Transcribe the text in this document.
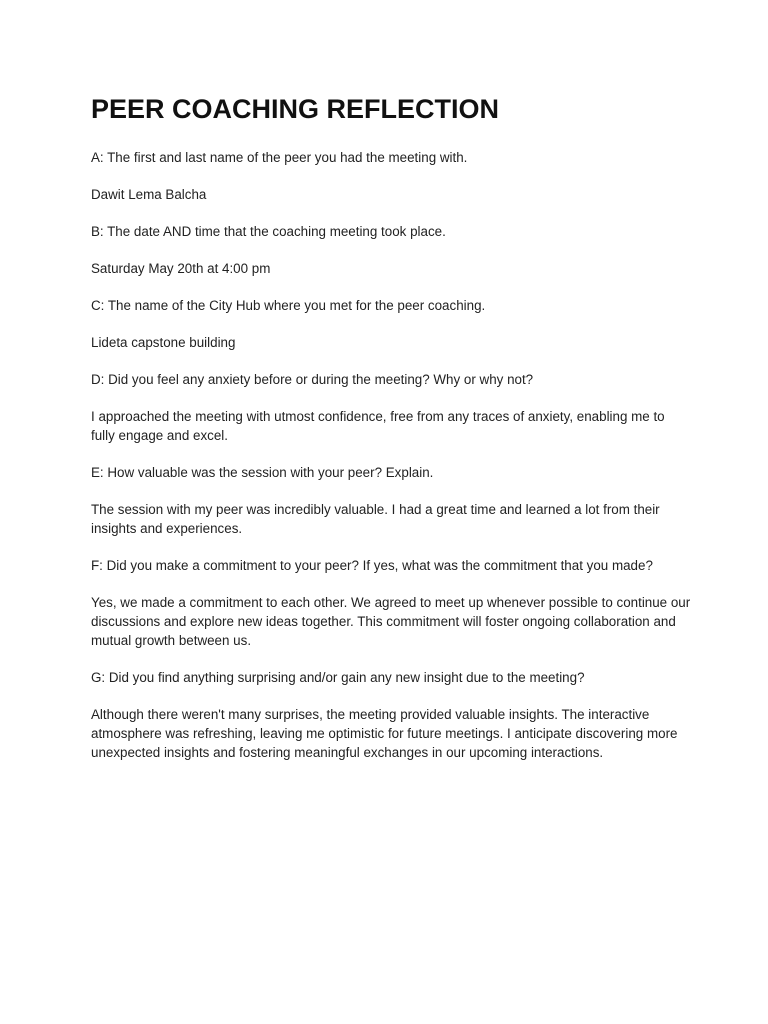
PEER COACHING REFLECTION

A: The first and last name of the peer you had the meeting with.

Dawit Lema Balcha

B: The date AND time that the coaching meeting took place.

Saturday May 20th at 4:00 pm

C: The name of the City Hub where you met for the peer coaching.

Lideta capstone building

D: Did you feel any anxiety before or during the meeting? Why or why not?

I approached the meeting with utmost confidence, free from any traces of anxiety, enabling me to fully engage and excel.

E: How valuable was the session with your peer? Explain.

The session with my peer was incredibly valuable. I had a great time and learned a lot from their insights and experiences.

F: Did you make a commitment to your peer? If yes, what was the commitment that you made?

Yes, we made a commitment to each other. We agreed to meet up whenever possible to continue our discussions and explore new ideas together. This commitment will foster ongoing collaboration and mutual growth between us.

G: Did you find anything surprising and/or gain any new insight due to the meeting?

Although there weren't many surprises, the meeting provided valuable insights. The interactive atmosphere was refreshing, leaving me optimistic for future meetings. I anticipate discovering more unexpected insights and fostering meaningful exchanges in our upcoming interactions.
